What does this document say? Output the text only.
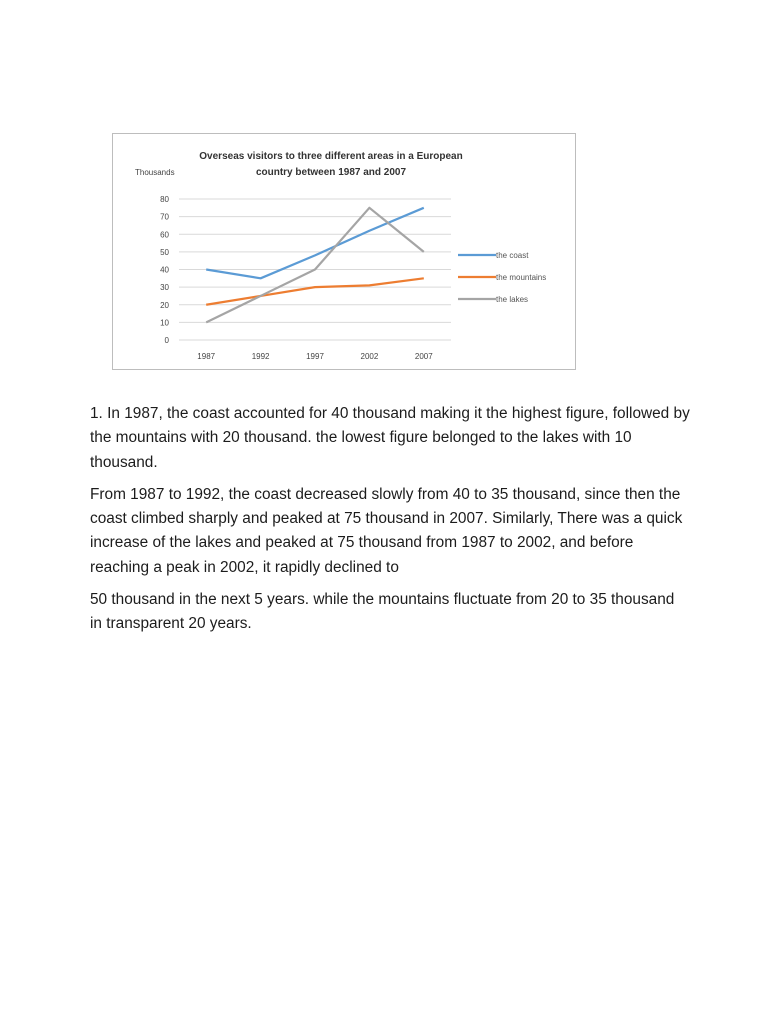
Overseas visitors to three different areas in a European
country between 1987 and 2007
Thousands
0
10
20
30
40
50
60
70
80
1987	1992	1997	2002	2007
the coast
the mountains
the lakes

1. In 1987, the coast accounted for 40 thousand making it the highest figure, followed by the mountains with 20 thousand. the lowest figure belonged to the lakes with 10 thousand.

From 1987 to 1992, the coast decreased slowly from 40 to 35 thousand, since then the coast climbed sharply and peaked at 75 thousand in 2007. Similarly, There was a quick increase of the lakes and peaked at 75 thousand from 1987 to 2002, and before reaching a peak in 2002, it rapidly declined to

50 thousand in the next 5 years. while the mountains fluctuate from 20 to 35 thousand in transparent 20 years.
